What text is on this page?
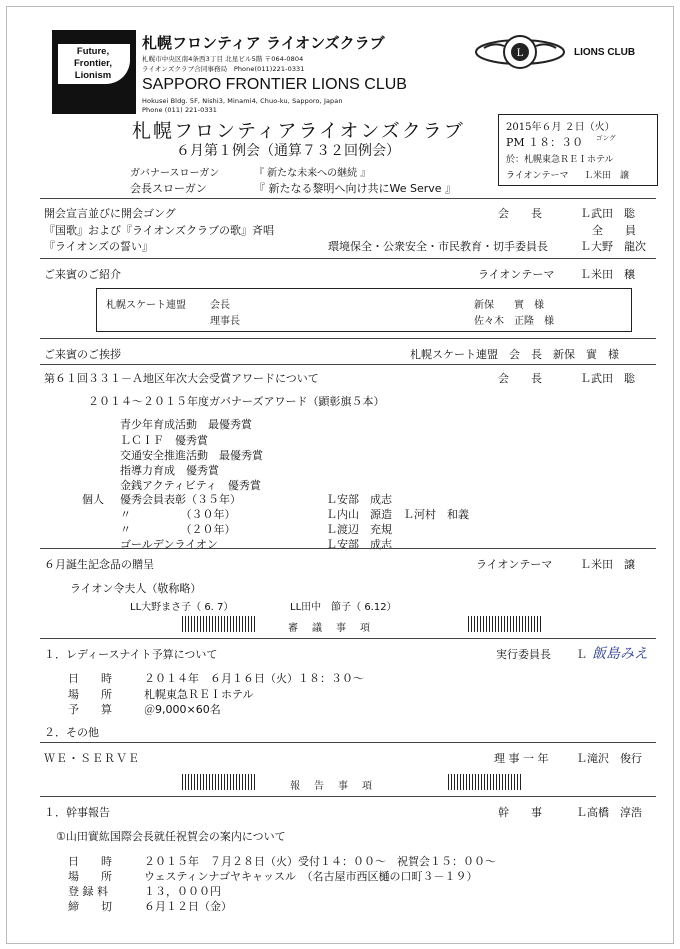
Future, Frontier, Lionism
札幌フロンティア ライオンズクラブ
札幌市中央区南4条西3丁目 北星ビル5階 〒064-0804
ライオンズクラブ合同事務局　Phone(011)221-0331
SAPPORO FRONTIER LIONS CLUB
Hokusei Bldg. 5F, Nishi3, Minami4, Chuo-ku, Sapporo, Japan
Phone (011) 221-0331
L	LIONS CLUB
札幌フロンティアライオンズクラブ
６月第１例会（通算７３２回例会）
ガバナースローガン	『 新たな未来への継続 』
会長スローガン	『 新たなる黎明へ向け共にWe Serve 』
2015年６月 ２日（火）
PM １８：３０ ゴング
於：札幌東急ＲＥＩホテル
ライオンテーマ Ｌ米田　譲
開会宣言並びに開会ゴング	会　　長	Ｌ武田　聡
『国歌』および『ライオンズクラブの歌』斉唱	全　　員
『ライオンズの誓い』	環境保全・公衆安全・市民教育・切手委員長	Ｌ大野　龍次
ご来賓のご紹介	ライオンテーマ Ｌ米田　穣
札幌スケート連盟 会長	新保　　實　様
理事長	佐々木　正隆　様
ご来賓のご挨拶	札幌スケート連盟　会　長　新保　實　様
第６１回３３１－Ａ地区年次大会受賞アワードについて	会　　長	Ｌ武田　聡
２０１４～２０１５年度ガバナーズアワード（顕彰旗５本）
青少年育成活動　最優秀賞
ＬＣＩＦ　優秀賞
交通安全推進活動　最優秀賞
指導力育成　優秀賞
金銭アクティビティ　優秀賞
個人 優秀会員表彰（３５年）	Ｌ安部　成志
〃　　　　　（３０年）	Ｌ内山　源造　Ｌ河村　和義
〃　　　　　（２０年）	Ｌ渡辺　充規
ゴールデンライオン	Ｌ安部　成志
６月誕生記念品の贈呈	ライオンテーマ	Ｌ米田　譲
ライオン令夫人（敬称略）
LL大野まさ子（ 6. 7）	LL田中　節子（ 6.12）
審　議　事　項
１．レディースナイト予算について	実行委員長 Ｌ 飯島みえ
日　　時	２０１４年　６月１６日（火）１８：３０～
場　　所	札幌東急ＲＥＩホテル
予　　算	＠9,000×60名
２．その他
ＷＥ・ＳＥＲＶＥ	理 事 一 年	Ｌ滝沢　俊行
報　告　事　項
１．幹事報告	幹　　事	Ｌ高橋　淳浩
①山田實紘国際会長就任祝賀会の案内について
日　　時	２０１５年　７月２８日（火）受付１４：００～　祝賀会１５：００～
場　　所	ウェスティンナゴヤキャッスル　（名古屋市西区樋の口町３－１９）
登 録 料	１３，０００円
締　　切	６月１２日（金）
